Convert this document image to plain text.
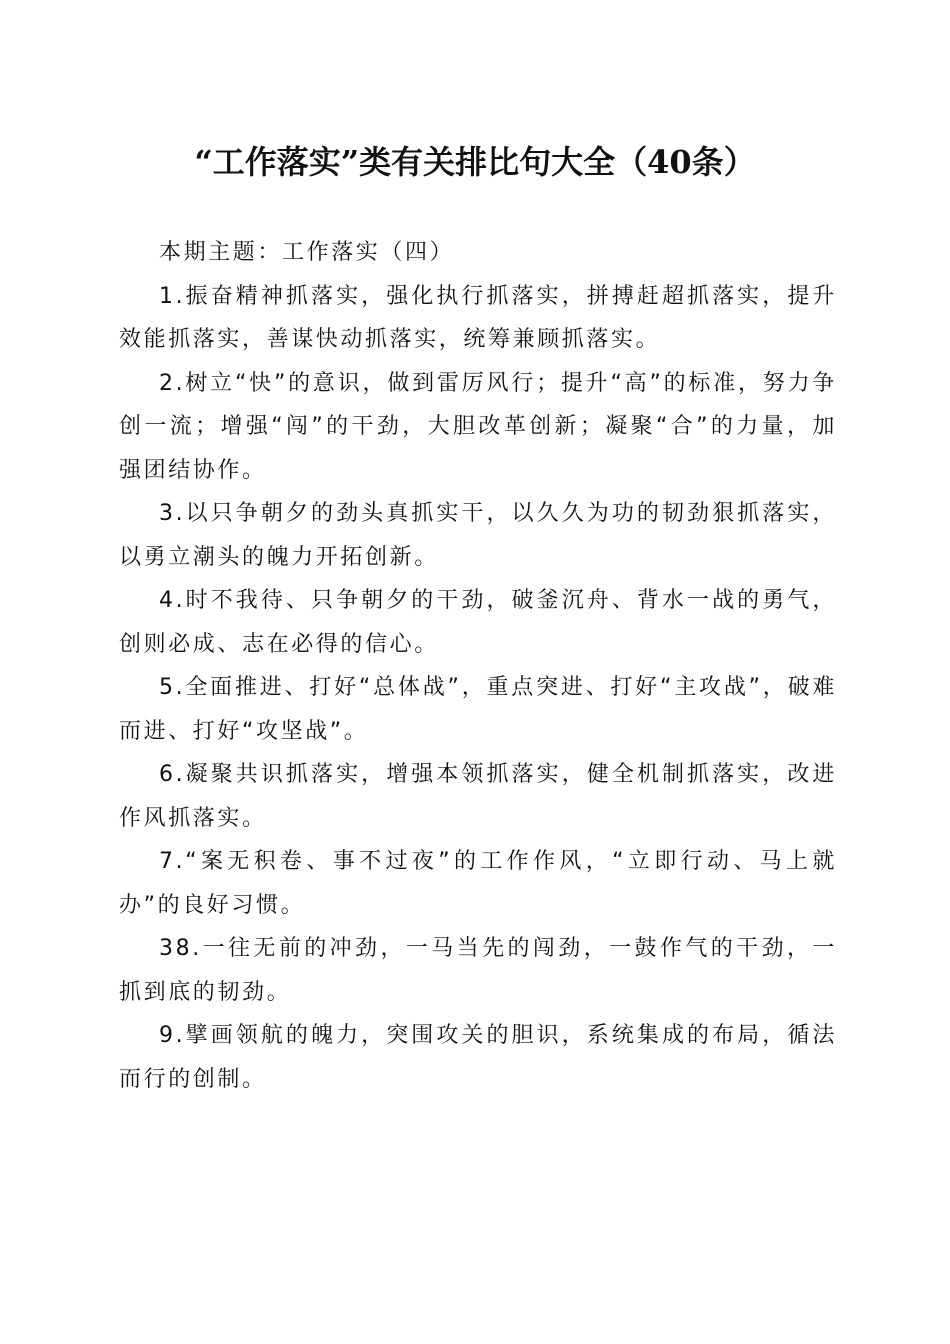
“工作落实”类有关排比句大全（40条）

本期主题：工作落实（四）

1.振奋精神抓落实，强化执行抓落实，拼搏赶超抓落实，提升效能抓落实，善谋快动抓落实，统筹兼顾抓落实。

2.树立“快”的意识，做到雷厉风行；提升“高”的标准，努力争创一流；增强“闯”的干劲，大胆改革创新；凝聚“合”的力量，加强团结协作。

3.以只争朝夕的劲头真抓实干，以久久为功的韧劲狠抓落实，以勇立潮头的魄力开拓创新。

4.时不我待、只争朝夕的干劲，破釜沉舟、背水一战的勇气，创则必成、志在必得的信心。

5.全面推进、打好“总体战”，重点突进、打好“主攻战”，破难而进、打好“攻坚战”。

6.凝聚共识抓落实，增强本领抓落实，健全机制抓落实，改进作风抓落实。

7.“案无积卷、事不过夜”的工作作风，“立即行动、马上就办”的良好习惯。

38.一往无前的冲劲，一马当先的闯劲，一鼓作气的干劲，一抓到底的韧劲。

9.擘画领航的魄力，突围攻关的胆识，系统集成的布局，循法而行的创制。
